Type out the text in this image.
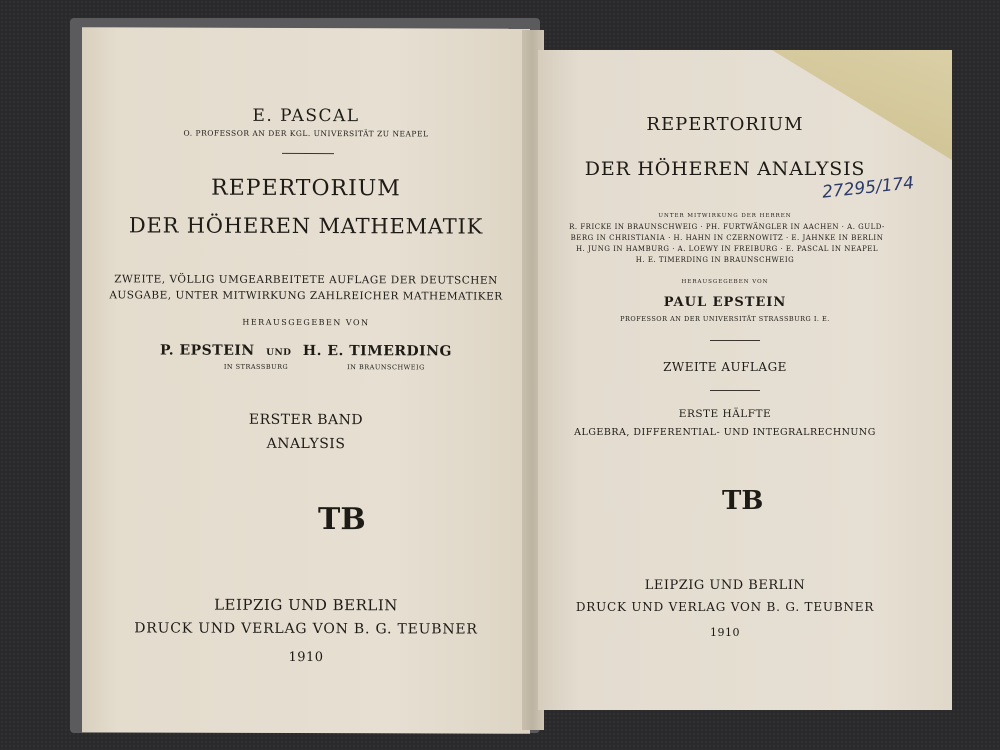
E. PASCAL
O. PROFESSOR AN DER KGL. UNIVERSITÄT ZU NEAPEL
REPERTORIUM
DER HÖHEREN MATHEMATIK
ZWEITE, VÖLLIG UMGEARBEITETE AUFLAGE DER DEUTSCHEN
AUSGABE, UNTER MITWIRKUNG ZAHLREICHER MATHEMATIKER
HERAUSGEGEBEN VON
P. EPSTEIN UND H. E. TIMERDING
IN STRASSBURG	IN BRAUNSCHWEIG
ERSTER BAND
ANALYSIS
TB
LEIPZIG UND BERLIN
DRUCK UND VERLAG VON B. G. TEUBNER
1910
REPERTORIUM
DER HÖHEREN ANALYSIS
27295/174
UNTER MITWIRKUNG DER HERREN
R. FRICKE IN BRAUNSCHWEIG · PH. FURTWÄNGLER IN AACHEN · A. GULD-
BERG IN CHRISTIANIA · H. HAHN IN CZERNOWITZ · E. JAHNKE IN BERLIN
H. JUNG IN HAMBURG · A. LOEWY IN FREIBURG · E. PASCAL IN NEAPEL
H. E. TIMERDING IN BRAUNSCHWEIG
HERAUSGEGEBEN VON
PAUL EPSTEIN
PROFESSOR AN DER UNIVERSITÄT STRASSBURG I. E.
ZWEITE AUFLAGE
ERSTE HÄLFTE
ALGEBRA, DIFFERENTIAL- UND INTEGRALRECHNUNG
TB
LEIPZIG UND BERLIN
DRUCK UND VERLAG VON B. G. TEUBNER
1910
